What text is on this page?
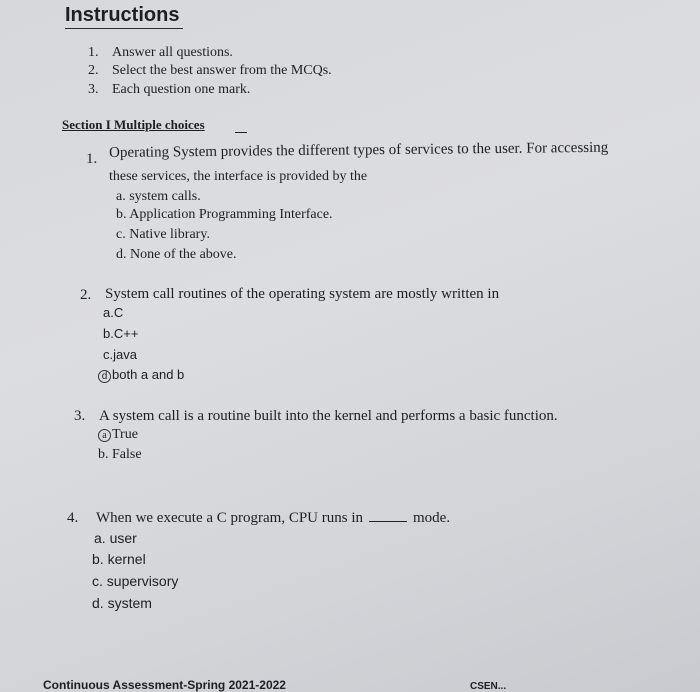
Instructions
1. Answer all questions.
2. Select the best answer from the MCQs.
3. Each question one mark.
Section I Multiple choices
1. Operating System provides the different types of services to the user. For accessing
these services, the interface is provided by the
a. system calls.
b. Application Programming Interface.
c. Native library.
d. None of the above.
2. System call routines of the operating system are mostly written in
a.C
b.C++
c.java
d both a and b
3. A system call is a routine built into the kernel and performs a basic function.
a True
b. False
4. When we execute a C program, CPU runs in	mode.
a. user
b. kernel
c. supervisory
d. system
Continuous Assessment-Spring 2021-2022	CSEN...
